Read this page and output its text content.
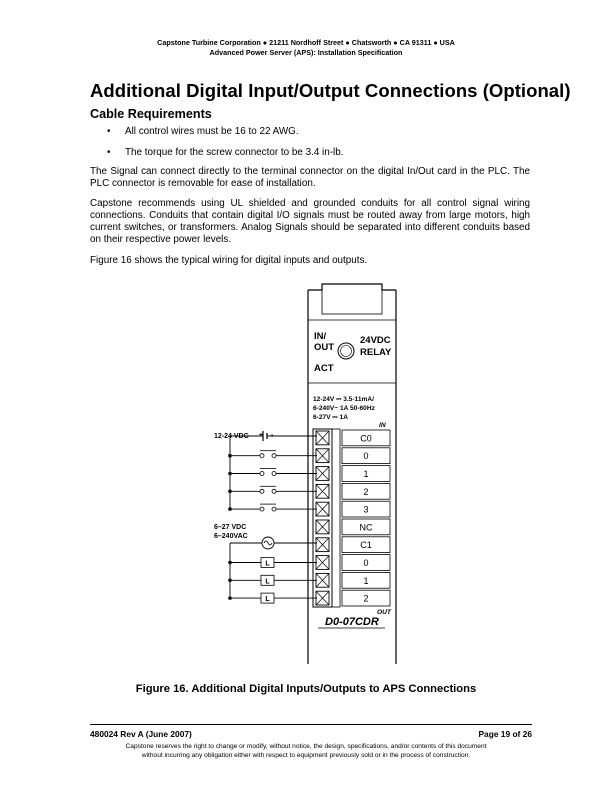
Capstone Turbine Corporation ● 21211 Nordhoff Street ● Chatsworth ● CA 91311 ● USA
Advanced Power Server (APS): Installation Specification
Additional Digital Input/Output Connections (Optional)
Cable Requirements
• All control wires must be 16 to 22 AWG.
• The torque for the screw connector to be 3.4 in-lb.

The Signal can connect directly to the terminal connector on the digital In/Out card in the PLC. The PLC connector is removable for ease of installation.

Capstone recommends using UL shielded and grounded conduits for all control signal wiring connections. Conduits that contain digital I/O signals must be routed away from large motors, high current switches, or transformers. Analog Signals should be separated into different conduits based on their respective power levels.

Figure 16 shows the typical wiring for digital inputs and outputs.

IN/
OUT
ACT
24VDC
RELAY
12-24V ⎓ 3.5-11mA/
6-240V~ 1A 50-60Hz
6-27V ⎓ 1A
IN
C0
0
1
2
3
NC
C1
0
1
2
OUT
D0-07CDR
12-24 VDC + -
6–27 VDC
6–240VAC
L
L
L
Figure 16. Additional Digital Inputs/Outputs to APS Connections
480024 Rev A (June 2007)	Page 19 of 26
Capstone reserves the right to change or modify, without notice, the design, specifications, and/or contents of this document
without incurring any obligation either with respect to equipment previously sold or in the process of construction.
